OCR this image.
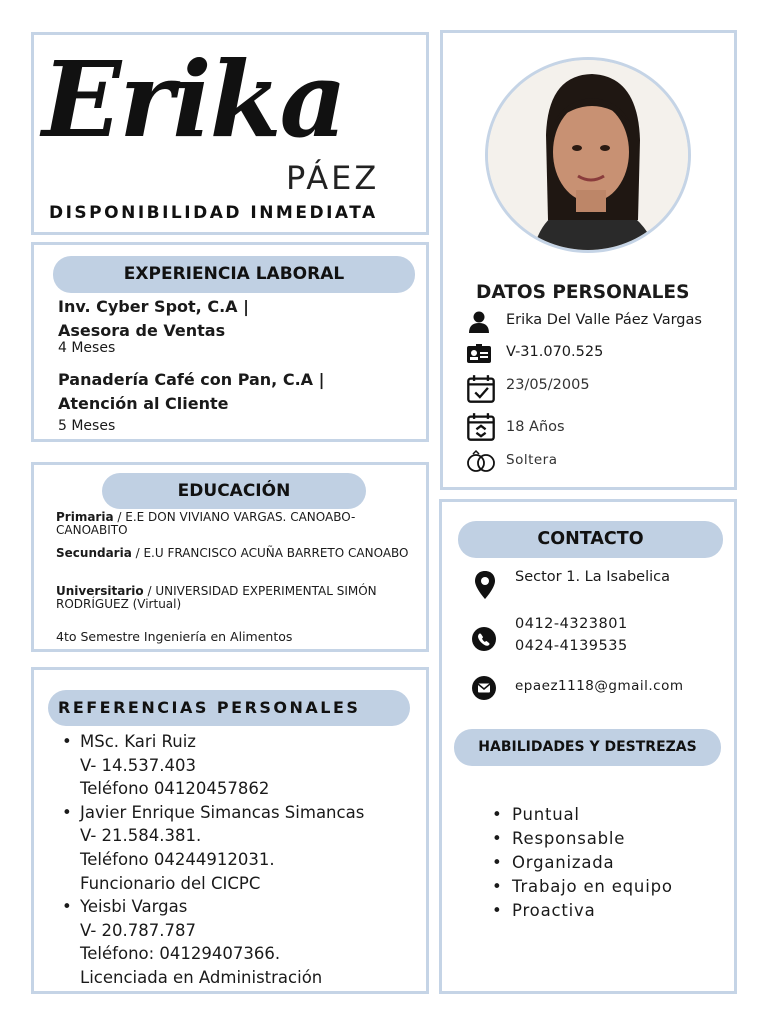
Erika
PÁEZ
DISPONIBILIDAD INMEDIATA
EXPERIENCIA LABORAL
Inv. Cyber Spot, C.A |
Asesora de Ventas
4 Meses
Panadería Café con Pan, C.A |
Atención al Cliente
5 Meses
EDUCACIÓN
Primaria / E.E DON VIVIANO VARGAS. CANOABO-CANOABITO
Secundaria / E.U FRANCISCO ACUÑA BARRETO CANOABO
Universitario / UNIVERSIDAD EXPERIMENTAL SIMÓN RODRÍGUEZ (Virtual)
4to Semestre Ingeniería en Alimentos
REFERENCIAS PERSONALES
• MSc. Kari Ruiz
V- 14.537.403
Teléfono 04120457862
• Javier Enrique Simancas Simancas
V- 21.584.381.
Teléfono 04244912031.
Funcionario del CICPC
• Yeisbi Vargas
V- 20.787.787
Teléfono: 04129407366.
Licenciada en Administración
DATOS PERSONALES
Erika Del Valle Páez Vargas
V-31.070.525
23/05/2005
18 Años
Soltera
CONTACTO
Sector 1. La Isabelica
0412-4323801
0424-4139535
epaez1118@gmail.com
HABILIDADES Y DESTREZAS
• Puntual
• Responsable
• Organizada
• Trabajo en equipo
• Proactiva
